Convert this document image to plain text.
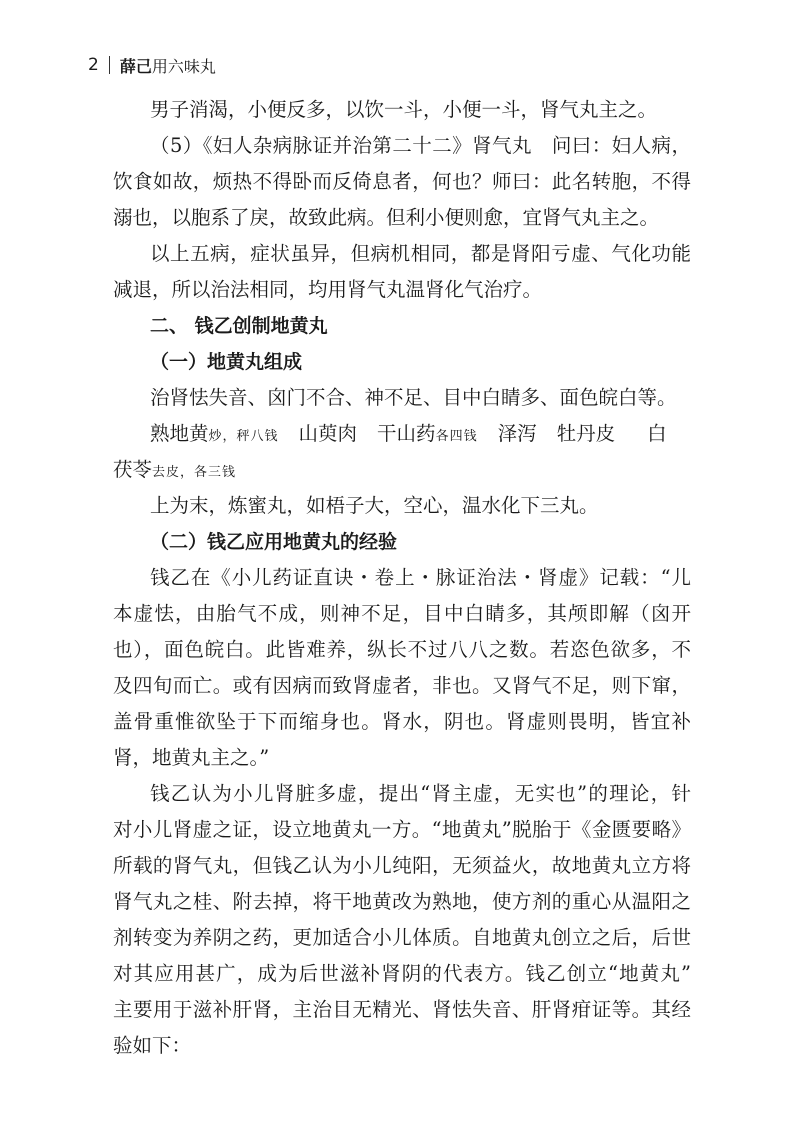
2 薛己用六味丸
男子消渴，小便反多，以饮一斗，小便一斗，肾气丸主之。
（5）《妇人杂病脉证并治第二十二》肾气丸　问曰：妇人病，
饮食如故，烦热不得卧而反倚息者，何也？师曰：此名转胞，不得
溺也，以胞系了戾，故致此病。但利小便则愈，宜肾气丸主之。
以上五病，症状虽异，但病机相同，都是肾阳亏虚、气化功能
减退，所以治法相同，均用肾气丸温肾化气治疗。
二、 钱乙创制地黄丸
（一）地黄丸组成
治肾怯失音、囟门不合、神不足、目中白睛多、面色皖白等。
熟地黄炒，秤八钱 山萸肉 干山药各四钱 泽泻 牡丹皮 白
茯苓去皮，各三钱
上为末，炼蜜丸，如梧子大，空心，温水化下三丸。
（二）钱乙应用地黄丸的经验
钱乙在《小儿药证直诀・卷上・脉证治法・肾虚》记载：“儿
本虚怯，由胎气不成，则神不足，目中白睛多，其颅即解（囟开
也），面色皖白。此皆难养，纵长不过八八之数。若恣色欲多，不
及四旬而亡。或有因病而致肾虚者，非也。又肾气不足，则下窜，
盖骨重惟欲坠于下而缩身也。肾水，阴也。肾虚则畏明，皆宜补
肾，地黄丸主之。”
钱乙认为小儿肾脏多虚，提出“肾主虚，无实也”的理论，针
对小儿肾虚之证，设立地黄丸一方。“地黄丸”脱胎于《金匮要略》
所载的肾气丸，但钱乙认为小儿纯阳，无须益火，故地黄丸立方将
肾气丸之桂、附去掉，将干地黄改为熟地，使方剂的重心从温阳之
剂转变为养阴之药，更加适合小儿体质。自地黄丸创立之后，后世
对其应用甚广，成为后世滋补肾阴的代表方。钱乙创立“地黄丸”
主要用于滋补肝肾，主治目无精光、肾怯失音、肝肾疳证等。其经
验如下：
